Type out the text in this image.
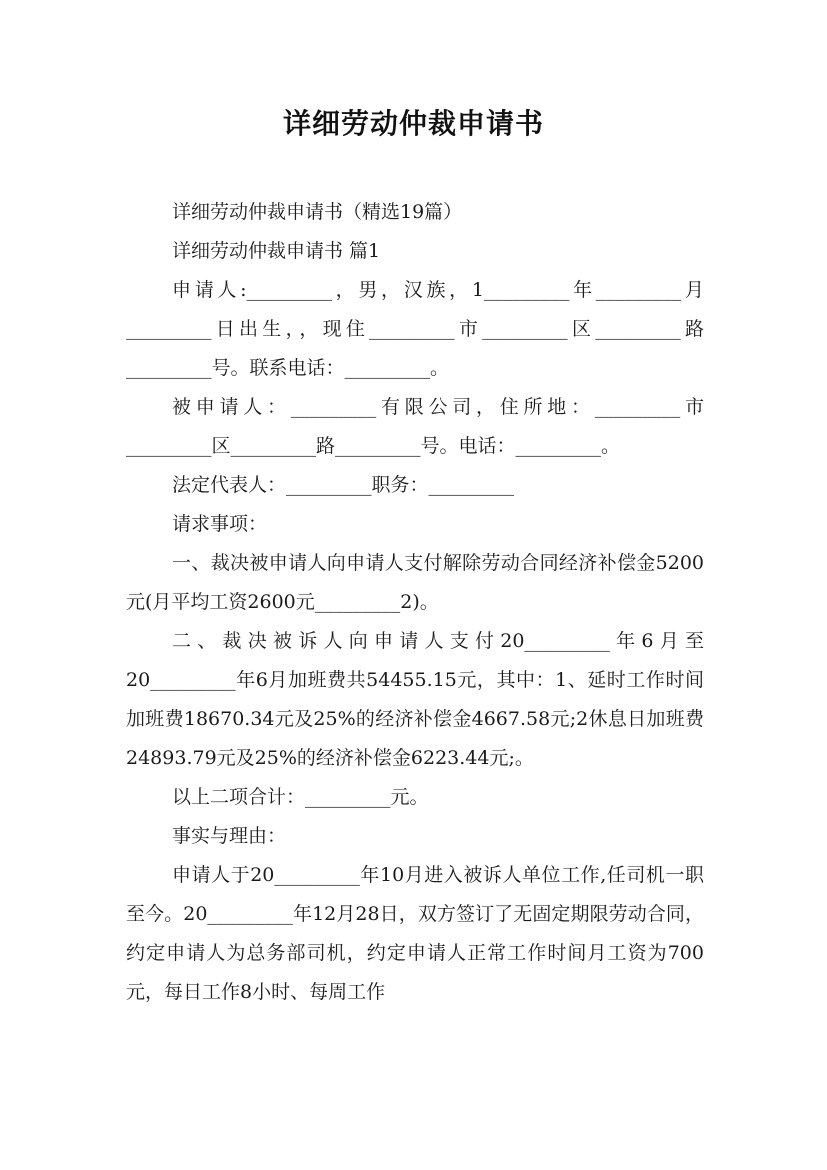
详细劳动仲裁申请书

详细劳动仲裁申请书（精选19篇）

详细劳动仲裁申请书 篇1

申请人:_________，男，汉族，1_________年_________月_________日出生，，现住_________市_________区_________路_________号。联系电话：_________。

被申请人：_________有限公司，住所地：_________市_________区_________路_________号。电话：_________。

法定代表人：_________职务：_________

请求事项：

一、裁决被申请人向申请人支付解除劳动合同经济补偿金5200元(月平均工资2600元_________2)。

二、裁决被诉人向申请人支付20_________年6月至20_________年6月加班费共54455.15元，其中：1、延时工作时间加班费18670.34元及25%的经济补偿金4667.58元;2休息日加班费24893.79元及25%的经济补偿金6223.44元;。

以上二项合计：_________元。

事实与理由：

申请人于20_________年10月进入被诉人单位工作,任司机一职至今。20_________年12月28日，双方签订了无固定期限劳动合同，约定申请人为总务部司机，约定申请人正常工作时间月工资为700元，每日工作8小时、每周工作
